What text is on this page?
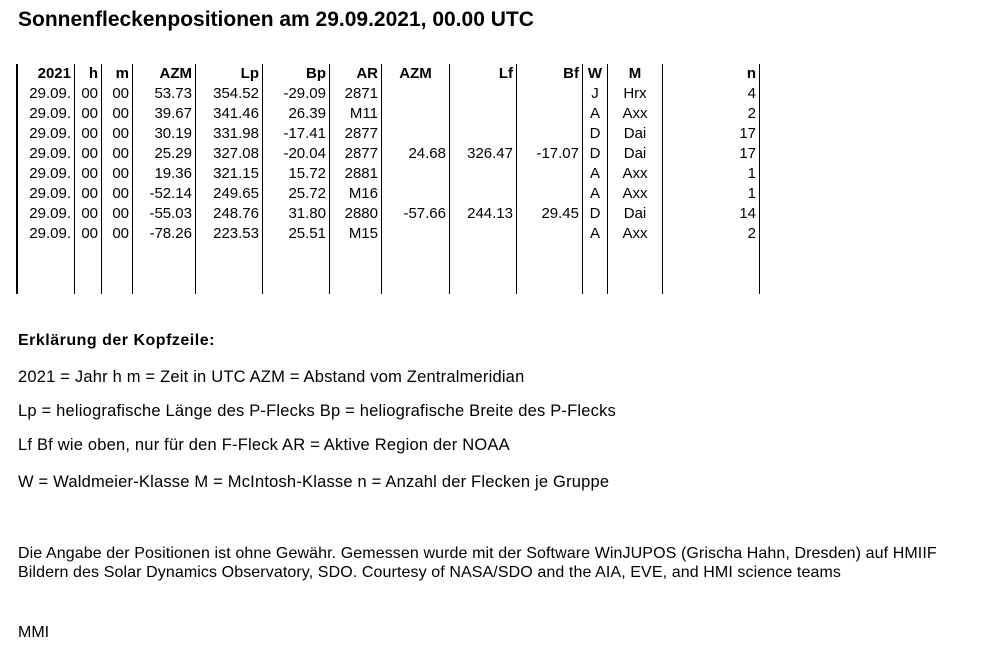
Sonnenfleckenpositionen am 29.09.2021, 00.00 UTC
2021	h	m	AZM	Lp	Bp	AR	AZM	Lf	Bf	W	M	n
29.09.	00	00	53.73	354.52	-29.09	2871				J	Hrx	4
29.09.	00	00	39.67	341.46	26.39	M11				A	Axx	2
29.09.	00	00	30.19	331.98	-17.41	2877				D	Dai	17
29.09.	00	00	25.29	327.08	-20.04	2877	24.68	326.47	-17.07	D	Dai	17
29.09.	00	00	19.36	321.15	15.72	2881				A	Axx	1
29.09.	00	00	-52.14	249.65	25.72	M16				A	Axx	1
29.09.	00	00	-55.03	248.76	31.80	2880	-57.66	244.13	29.45	D	Dai	14
29.09.	00	00	-78.26	223.53	25.51	M15				A	Axx	2

Erklärung der Kopfzeile:
2021 = Jahr h m = Zeit in UTC AZM = Abstand vom Zentralmeridian
Lp = heliografische Länge des P-Flecks Bp = heliografische Breite des P-Flecks
Lf Bf wie oben, nur für den F-Fleck AR = Aktive Region der NOAA
W = Waldmeier-Klasse M = McIntosh-Klasse n = Anzahl der Flecken je Gruppe
Die Angabe der Positionen ist ohne Gewähr. Gemessen wurde mit der Software WinJUPOS (Grischa Hahn, Dresden) auf HMIIF Bildern des Solar Dynamics Observatory, SDO. Courtesy of NASA/SDO and the AIA, EVE, and HMI science teams
MMI
